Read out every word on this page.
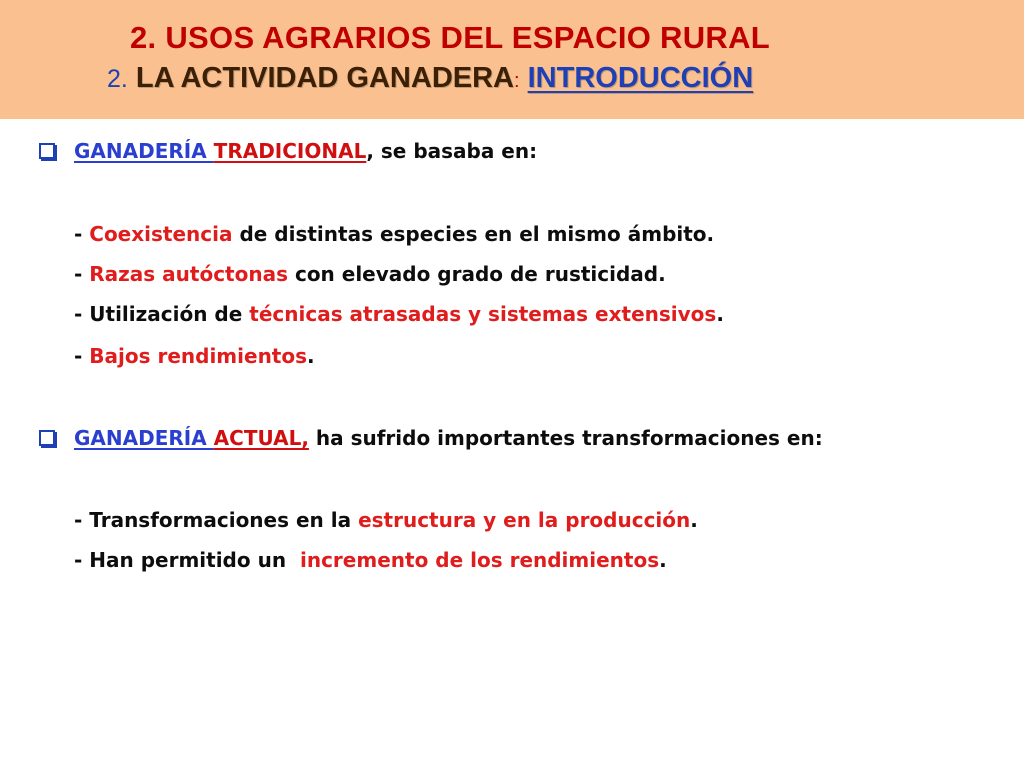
2. USOS AGRARIOS DEL ESPACIO RURAL
2. LA ACTIVIDAD GANADERA: INTRODUCCIÓN
GANADERÍA TRADICIONAL, se basaba en:
- Coexistencia de distintas especies en el mismo ámbito.
- Razas autóctonas con elevado grado de rusticidad.
- Utilización de técnicas atrasadas y sistemas extensivos.
- Bajos rendimientos.
GANADERÍA ACTUAL, ha sufrido importantes transformaciones en:
- Transformaciones en la estructura y en la producción.
- Han permitido un  incremento de los rendimientos.
